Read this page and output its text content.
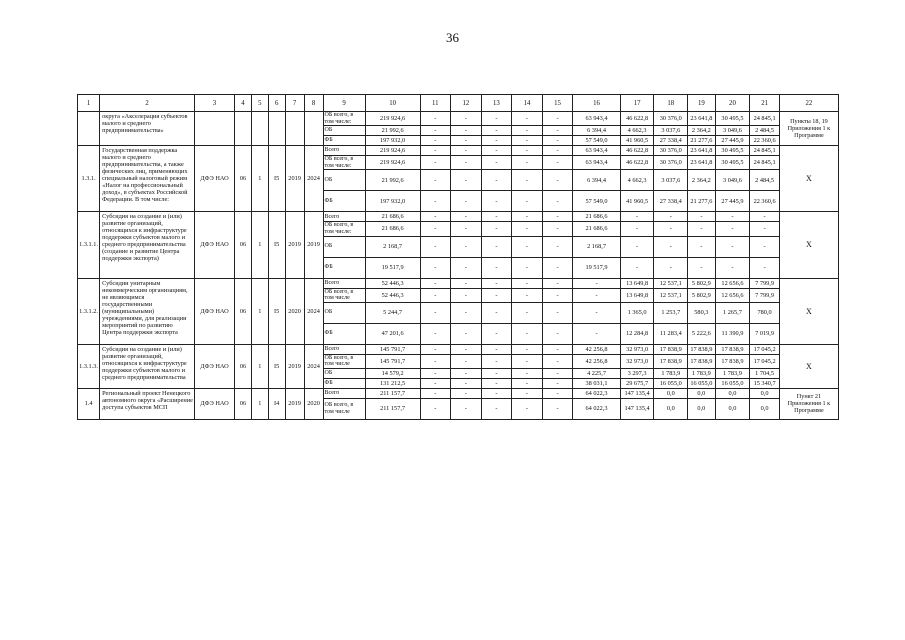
36
1	2	3	4	5	6	7	8	9	10	11	12	13	14	15	16	17	18	19	20	21	22
	округа «Акселерация субъектов малого и среднего предпринимательства»							ОБ всего, в том числе:	219 924,6	-	-	-	-	-	63 943,4	46 622,8	30 376,0	23 641,8	30 495,5	24 845,1	Пункты 18, 19 Приложения 1 к Программе
								ОБ	21 992,6	-	-	-	-	-	6 394,4	4 662,3	3 037,6	2 364,2	3 049,6	2 484,5	
								ФБ	197 932,0	-	-	-	-	-	57 549,0	41 960,5	27 338,4	21 277,6	27 445,9	22 360,6	
1.3.1.	Государственная поддержка малого и среднего предпринимательства, а также физических лиц, применяющих специальный налоговый режим «Налог на профессиональный доход», в субъектах Российской Федерации. В том числе:	ДФЭ НАО	06	1	I5	2019	2024	Всего	219 924,6	-	-	-	-	-	63 943,4	46 622,8	30 376,0	23 641,8	30 495,5	24 845,1	X
								ОБ всего, в том числе:	219 924,6	-	-	-	-	-	63 943,4	46 622,8	30 376,0	23 641,8	30 495,5	24 845,1	
								ОБ	21 992,6	-	-	-	-	-	6 394,4	4 662,3	3 037,6	2 364,2	3 049,6	2 484,5	
								ФБ	197 932,0	-	-	-	-	-	57 549,0	41 960,5	27 338,4	21 277,6	27 445,9	22 360,6	
1.3.1.1.	Субсидия на создание и (или) развитие организаций, относящихся к инфраструктуре поддержки субъектов малого и среднего предпринимательства (создание и развитие Центра поддержки экспорта)	ДФЭ НАО	06	1	I5	2019	2019	Всего	21 686,6	-	-	-	-	-	21 686,6	-	-	-	-	-	X
								ОБ всего, в том числе:	21 686,6	-	-	-	-	-	21 686,6	-	-	-	-	-	
								ОБ	2 168,7	-	-	-	-	-	2 168,7	-	-	-	-	-	
								ФБ	19 517,9	-	-	-	-	-	19 517,9	-	-	-	-	-	
1.3.1.2.	Субсидии унитарным некоммерческим организациям, не являющимся государственными (муниципальными) учреждениями, для реализации мероприятий по развитию Центра поддержки экспорта	ДФЭ НАО	06	1	I5	2020	2024	Всего	52 446,3	-	-	-	-	-	-	13 649,8	12 537,1	5 802,9	12 656,6	7 799,9	X
								ОБ всего, в том числе	52 446,3	-	-	-	-	-	-	13 649,8	12 537,1	5 802,9	12 656,6	7 799,9	
								ОБ	5 244,7	-	-	-	-	-	-	1 365,0	1 253,7	580,3	1 265,7	780,0	
								ФБ	47 201,6	-	-	-	-	-	-	12 284,8	11 283,4	5 222,6	11 390,9	7 019,9	
1.3.1.3.	Субсидия на создание и (или) развитие организаций, относящихся к инфраструктуре поддержки субъектов малого и среднего предпринимательства	ДФЭ НАО	06	1	I5	2019	2024	Всего	145 791,7	-	-	-	-	-	42 256,8	32 973,0	17 838,9	17 838,9	17 838,9	17 045,2	X
								ОБ всего, в том числе	145 791,7	-	-	-	-	-	42 256,8	32 973,0	17 838,9	17 838,9	17 838,9	17 045,2	
								ОБ	14 579,2	-	-	-	-	-	4 225,7	3 297,3	1 783,9	1 783,9	1 783,9	1 704,5	
								ФБ	131 212,5	-	-	-	-	-	38 031,1	29 675,7	16 055,0	16 055,0	16 055,0	15 340,7	
1.4	Региональный проект Ненецкого автономного округа «Расширение доступа субъектов МСП	ДФЭ НАО	06	1	I4	2019	2020	Всего	211 157,7	-	-	-	-	-	64 022,3	147 135,4	0,0	0,0	0,0	0,0	Пункт 21 Приложения 1 к Программе
								ОБ всего, в том числе	211 157,7	-	-	-	-	-	64 022,3	147 135,4	0,0	0,0	0,0	0,0	
